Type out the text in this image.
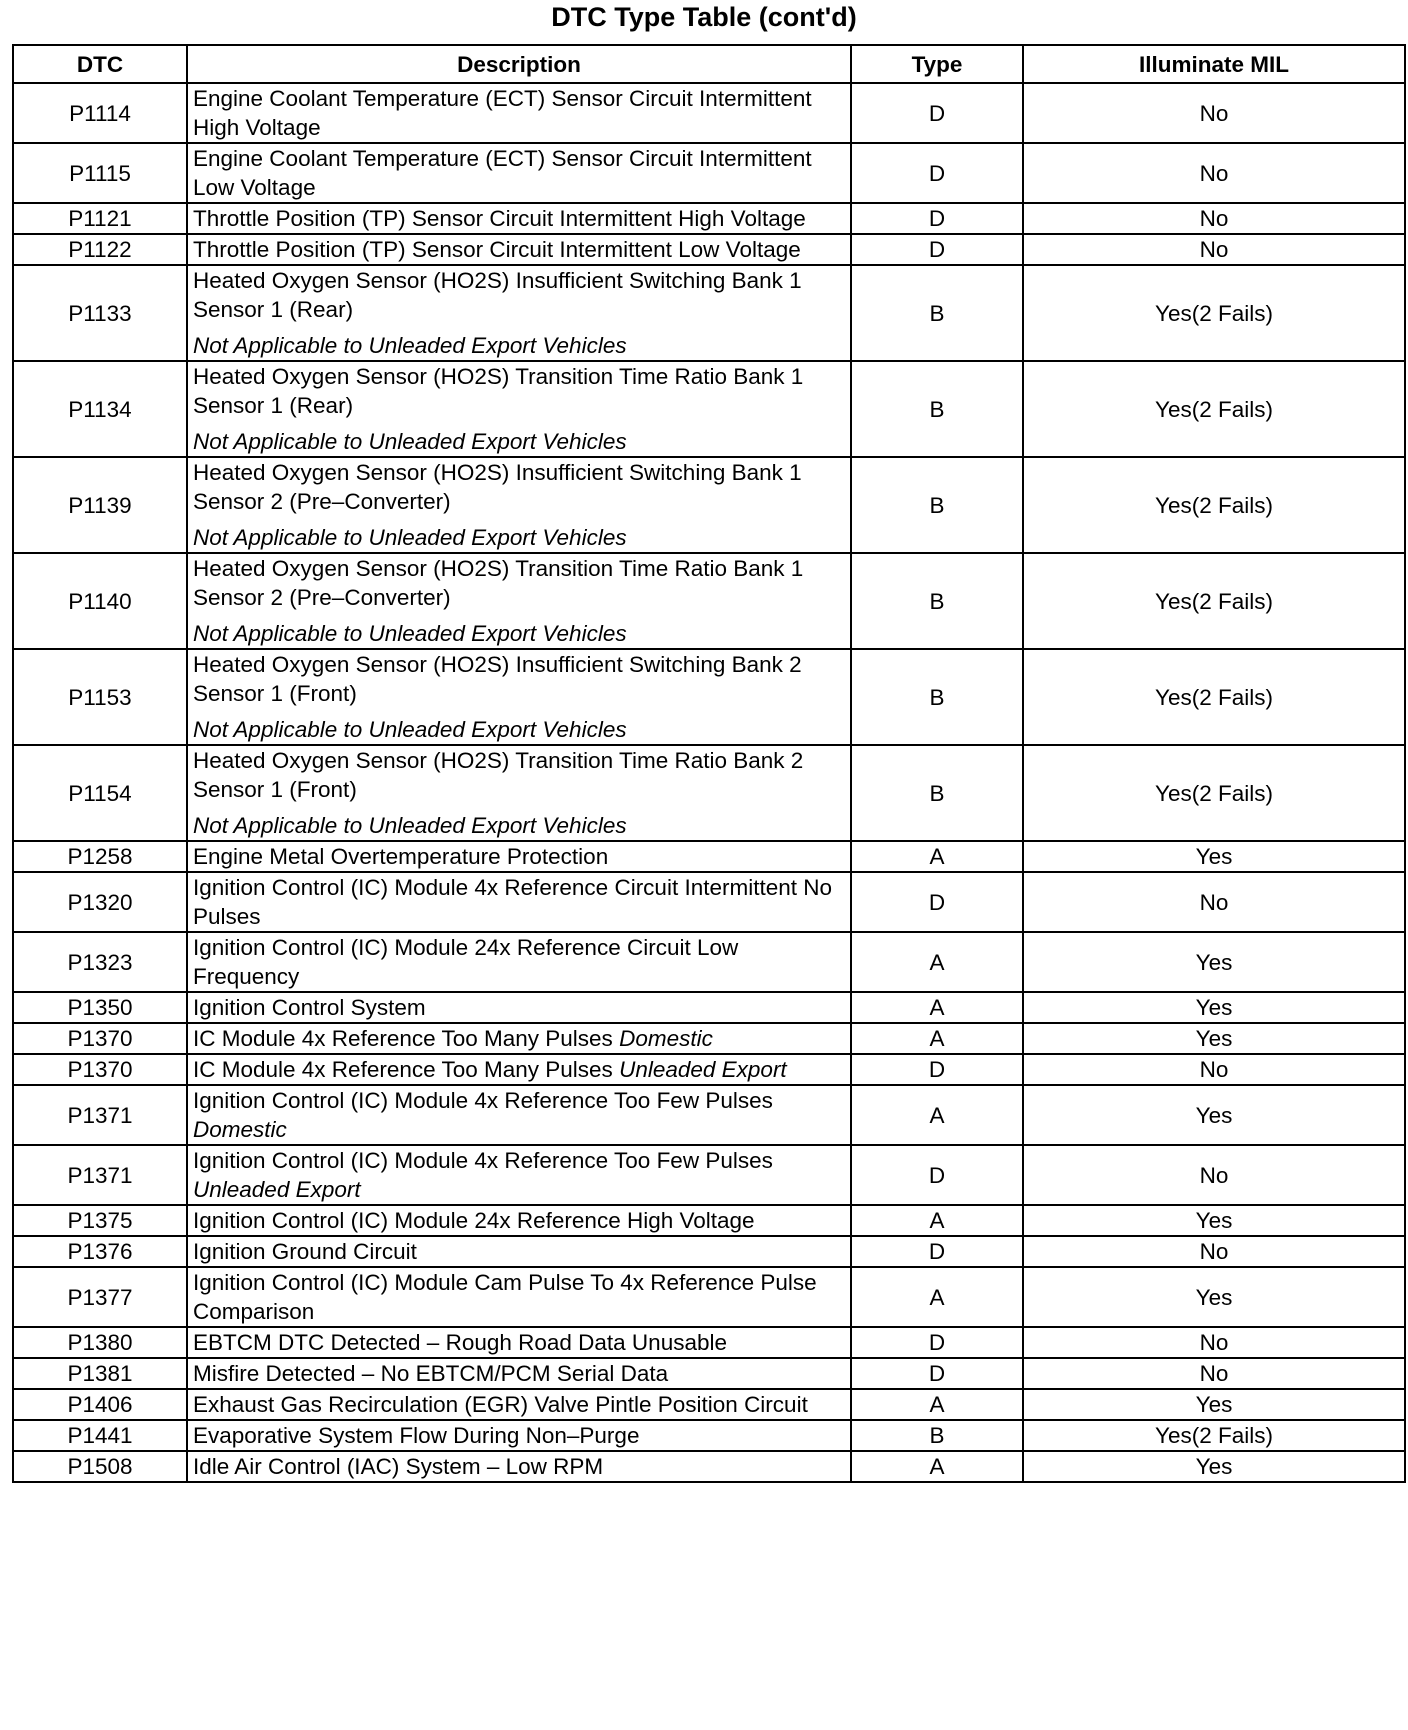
DTC Type Table (cont'd)
DTC	Description	Type	Illuminate MIL
P1114	Engine Coolant Temperature (ECT) Sensor Circuit Intermittent High Voltage	D	No
P1115	Engine Coolant Temperature (ECT) Sensor Circuit Intermittent Low Voltage	D	No
P1121	Throttle Position (TP) Sensor Circuit Intermittent High Voltage	D	No
P1122	Throttle Position (TP) Sensor Circuit Intermittent Low Voltage	D	No
P1133	Heated Oxygen Sensor (HO2S) Insufficient Switching Bank 1 Sensor 1 (Rear)
Not Applicable to Unleaded Export Vehicles	B	Yes(2 Fails)
P1134	Heated Oxygen Sensor (HO2S) Transition Time Ratio Bank 1 Sensor 1 (Rear)
Not Applicable to Unleaded Export Vehicles	B	Yes(2 Fails)
P1139	Heated Oxygen Sensor (HO2S) Insufficient Switching Bank 1 Sensor 2 (Pre–Converter)
Not Applicable to Unleaded Export Vehicles	B	Yes(2 Fails)
P1140	Heated Oxygen Sensor (HO2S) Transition Time Ratio Bank 1 Sensor 2 (Pre–Converter)
Not Applicable to Unleaded Export Vehicles	B	Yes(2 Fails)
P1153	Heated Oxygen Sensor (HO2S) Insufficient Switching Bank 2 Sensor 1 (Front)
Not Applicable to Unleaded Export Vehicles	B	Yes(2 Fails)
P1154	Heated Oxygen Sensor (HO2S) Transition Time Ratio Bank 2 Sensor 1 (Front)
Not Applicable to Unleaded Export Vehicles	B	Yes(2 Fails)
P1258	Engine Metal Overtemperature Protection	A	Yes
P1320	Ignition Control (IC) Module 4x Reference Circuit Intermittent No Pulses	D	No
P1323	Ignition Control (IC) Module 24x Reference Circuit Low Frequency	A	Yes
P1350	Ignition Control System	A	Yes
P1370	IC Module 4x Reference Too Many Pulses Domestic	A	Yes
P1370	IC Module 4x Reference Too Many Pulses Unleaded Export	D	No
P1371	Ignition Control (IC) Module 4x Reference Too Few Pulses Domestic	A	Yes
P1371	Ignition Control (IC) Module 4x Reference Too Few Pulses Unleaded Export	D	No
P1375	Ignition Control (IC) Module 24x Reference High Voltage	A	Yes
P1376	Ignition Ground Circuit	D	No
P1377	Ignition Control (IC) Module Cam Pulse To 4x Reference Pulse Comparison	A	Yes
P1380	EBTCM DTC Detected – Rough Road Data Unusable	D	No
P1381	Misfire Detected – No EBTCM/PCM Serial Data	D	No
P1406	Exhaust Gas Recirculation (EGR) Valve Pintle Position Circuit	A	Yes
P1441	Evaporative System Flow During Non–Purge	B	Yes(2 Fails)
P1508	Idle Air Control (IAC) System – Low RPM	A	Yes
